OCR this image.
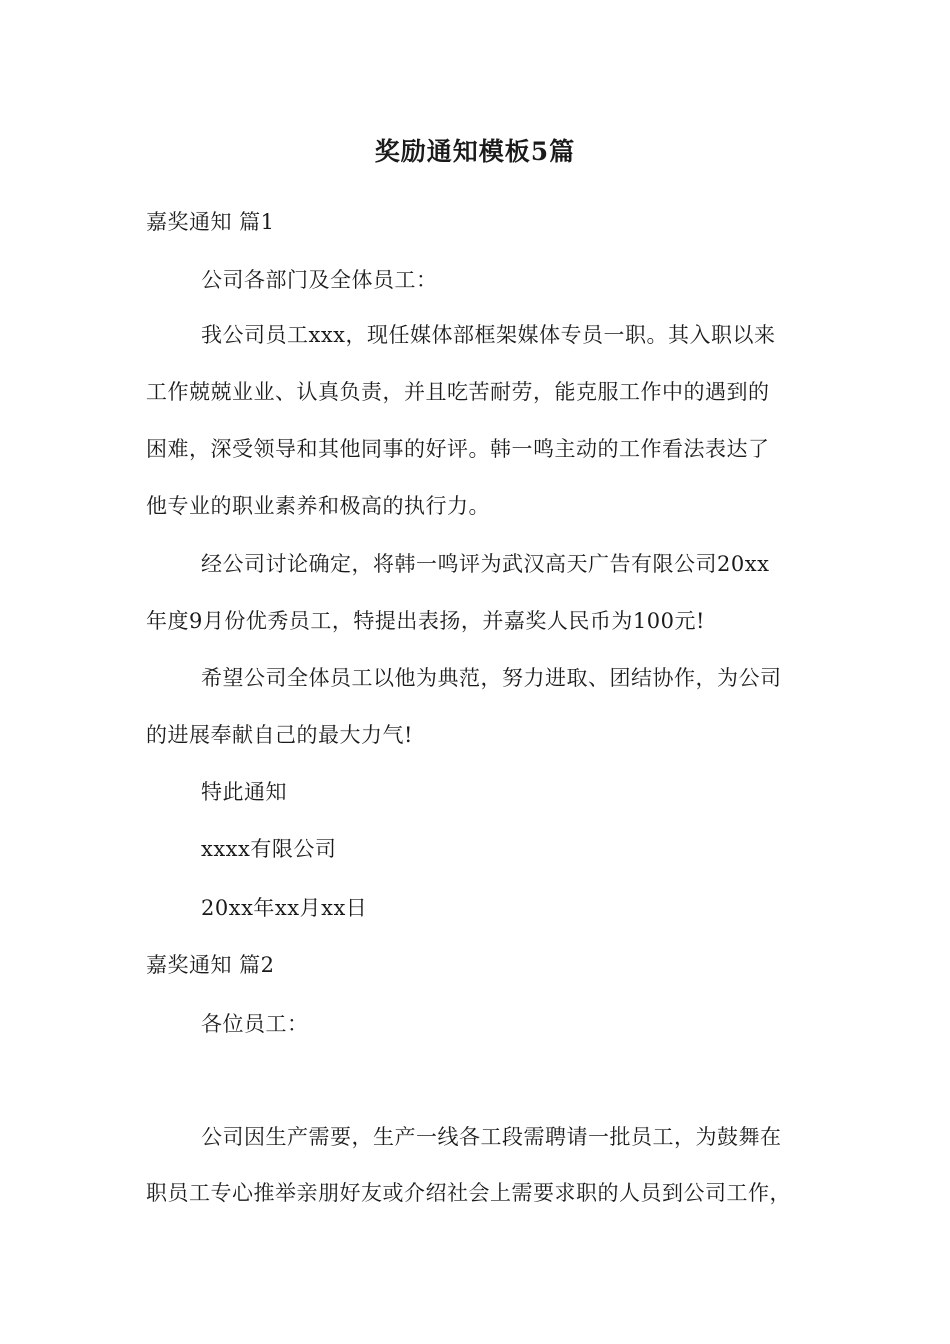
奖励通知模板5篇
嘉奖通知 篇1
公司各部门及全体员工：
我公司员工xxx，现任媒体部框架媒体专员一职。其入职以来
工作兢兢业业、认真负责，并且吃苦耐劳，能克服工作中的遇到的
困难，深受领导和其他同事的好评。韩一鸣主动的工作看法表达了
他专业的职业素养和极高的执行力。
经公司讨论确定，将韩一鸣评为武汉高天广告有限公司20xx
年度9月份优秀员工，特提出表扬，并嘉奖人民币为100元!
希望公司全体员工以他为典范，努力进取、团结协作，为公司
的进展奉献自己的最大力气!
特此通知
xxxx有限公司
20xx年xx月xx日
嘉奖通知 篇2
各位员工：
公司因生产需要，生产一线各工段需聘请一批员工，为鼓舞在
职员工专心推举亲朋好友或介绍社会上需要求职的人员到公司工作，
